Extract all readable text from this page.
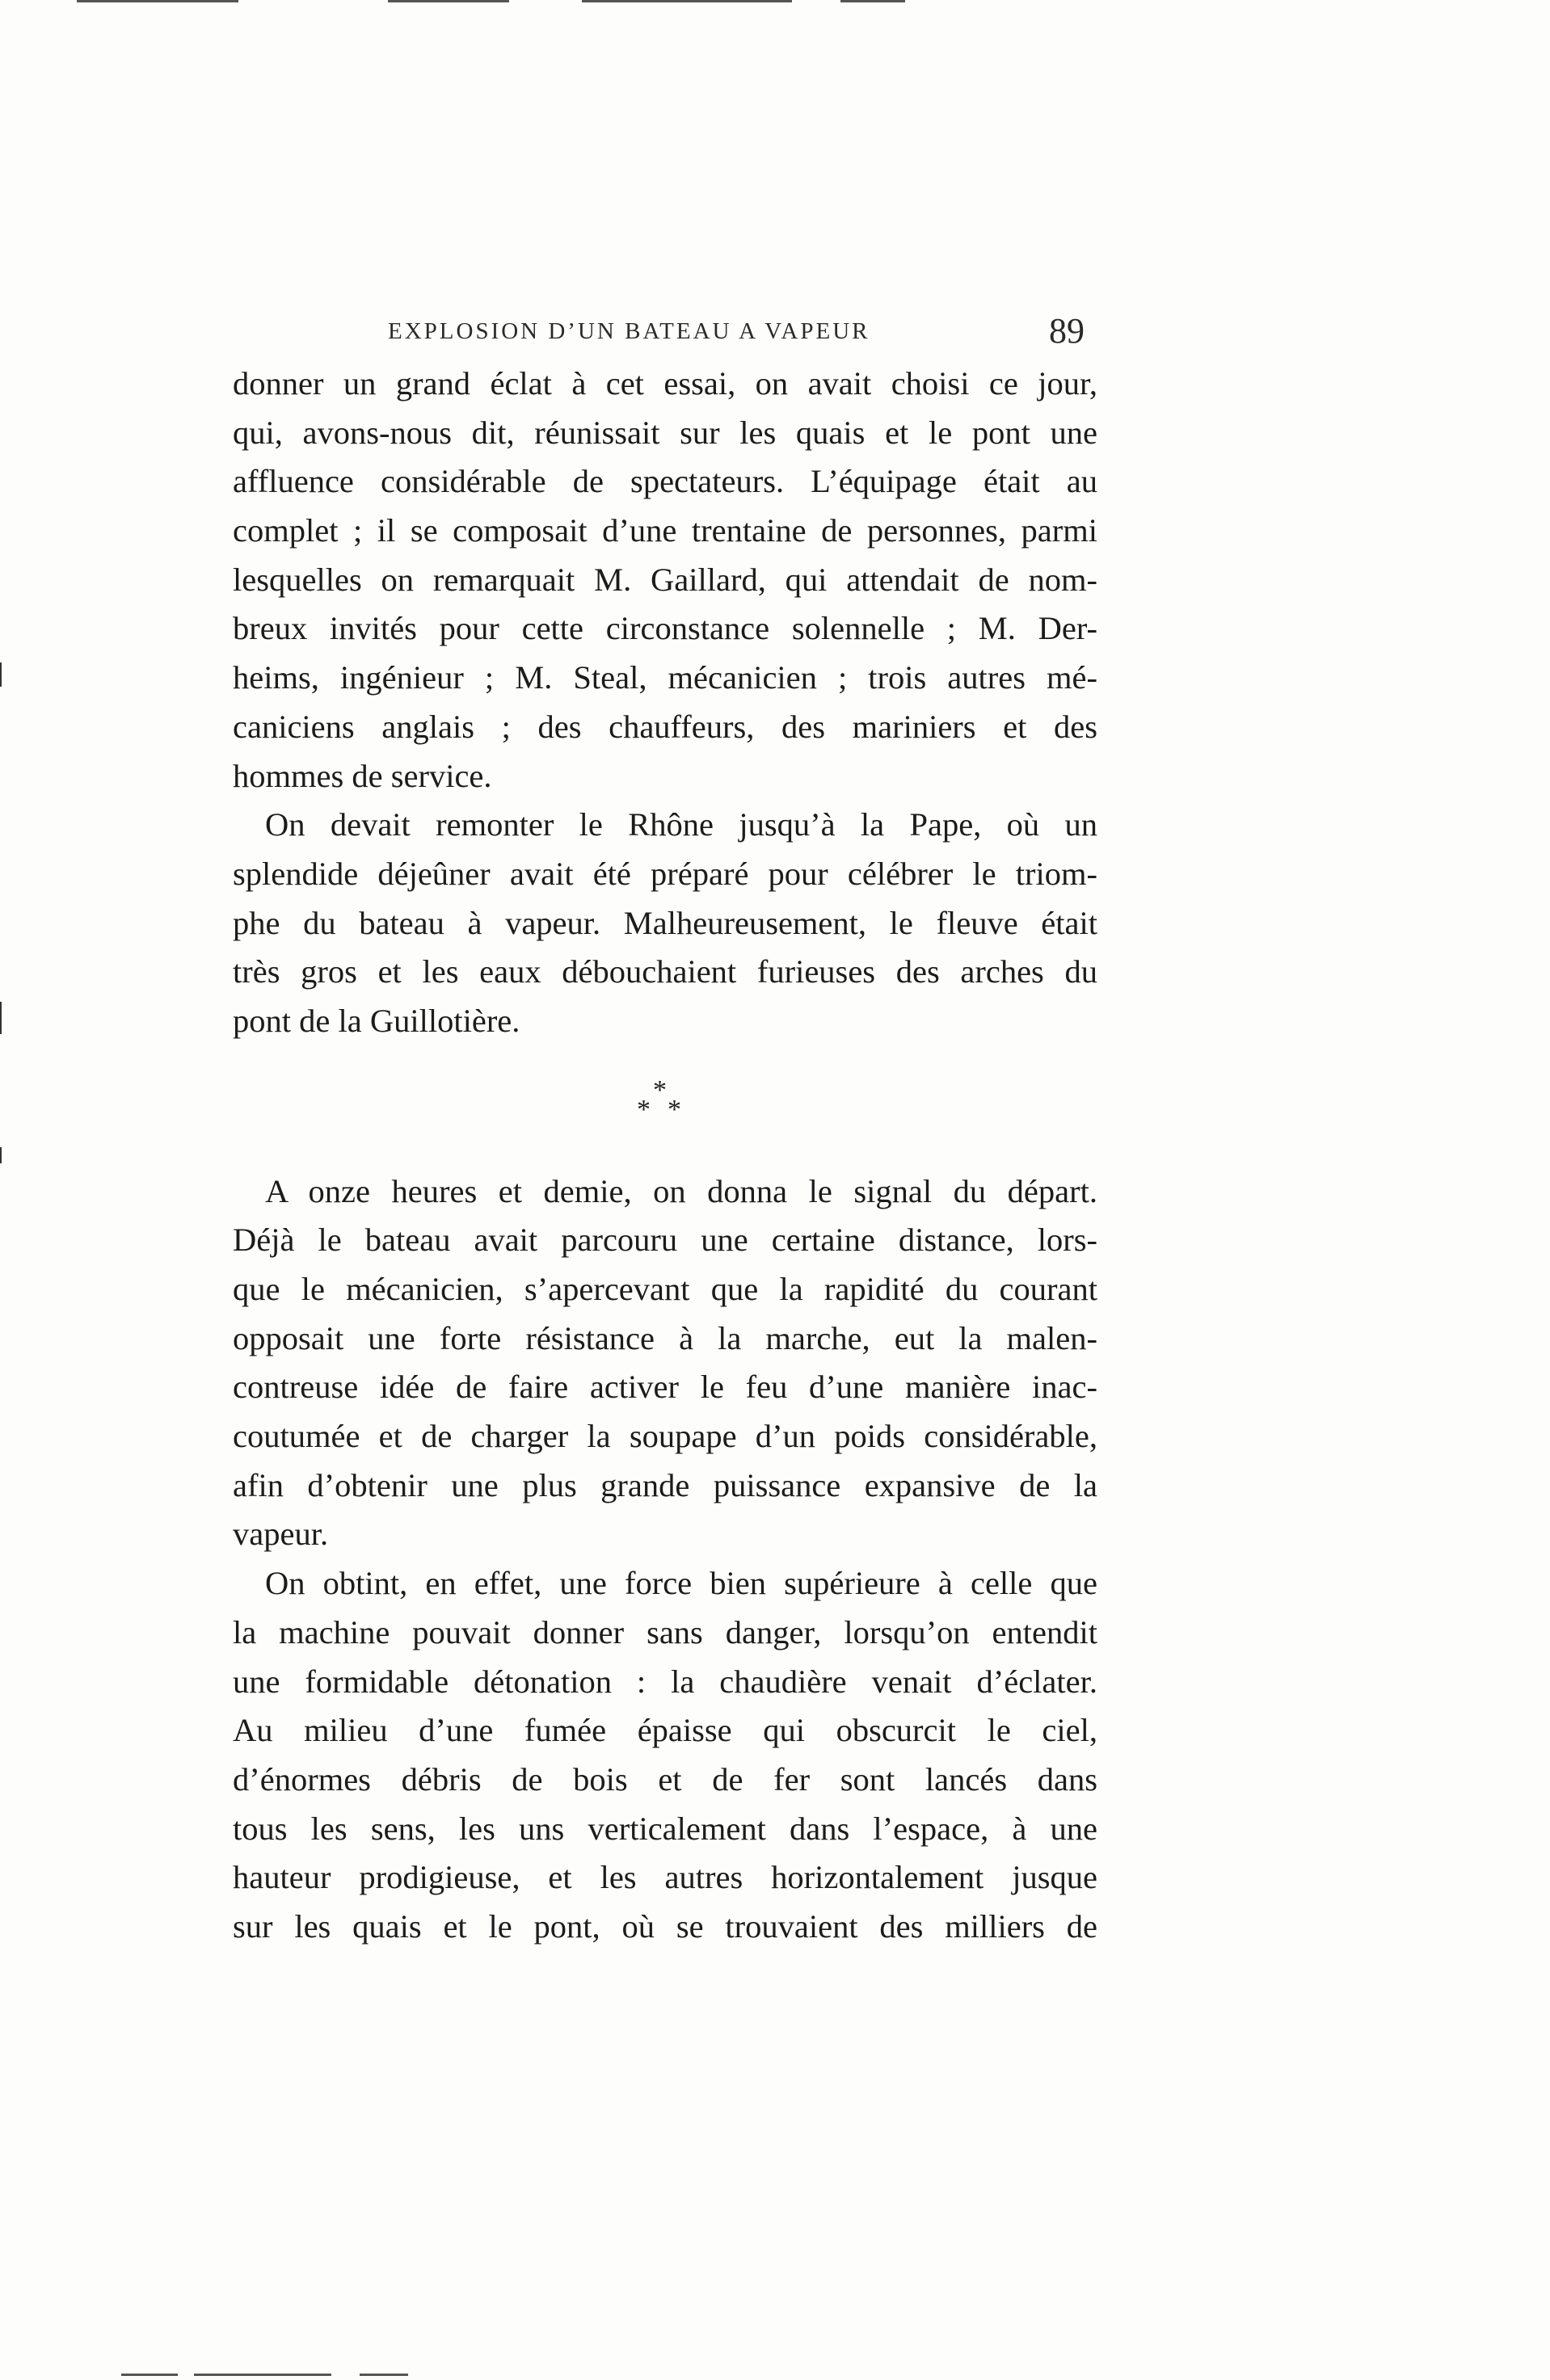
EXPLOSION D’UN BATEAU A VAPEUR	89
donner un grand éclat à cet essai, on avait choisi ce jour,
qui, avons-nous dit, réunissait sur les quais et le pont une
affluence considérable de spectateurs. L’équipage était au
complet ; il se composait d’une trentaine de personnes, parmi
lesquelles on remarquait M. Gaillard, qui attendait de nom-
breux invités pour cette circonstance solennelle ; M. Der-
heims, ingénieur ; M. Steal, mécanicien ; trois autres mé-
caniciens anglais ; des chauffeurs, des mariniers et des
hommes de service.
On devait remonter le Rhône jusqu’à la Pape, où un
splendide déjeûner avait été préparé pour célébrer le triom-
phe du bateau à vapeur. Malheureusement, le fleuve était
très gros et les eaux débouchaient furieuses des arches du
pont de la Guillotière.
*
* *
A onze heures et demie, on donna le signal du départ.
Déjà le bateau avait parcouru une certaine distance, lors-
que le mécanicien, s’apercevant que la rapidité du courant
opposait une forte résistance à la marche, eut la malen-
contreuse idée de faire activer le feu d’une manière inac-
coutumée et de charger la soupape d’un poids considérable,
afin d’obtenir une plus grande puissance expansive de la
vapeur.
On obtint, en effet, une force bien supérieure à celle que
la machine pouvait donner sans danger, lorsqu’on entendit
une formidable détonation : la chaudière venait d’éclater.
Au milieu d’une fumée épaisse qui obscurcit le ciel,
d’énormes débris de bois et de fer sont lancés dans
tous les sens, les uns verticalement dans l’espace, à une
hauteur prodigieuse, et les autres horizontalement jusque
sur les quais et le pont, où se trouvaient des milliers de
